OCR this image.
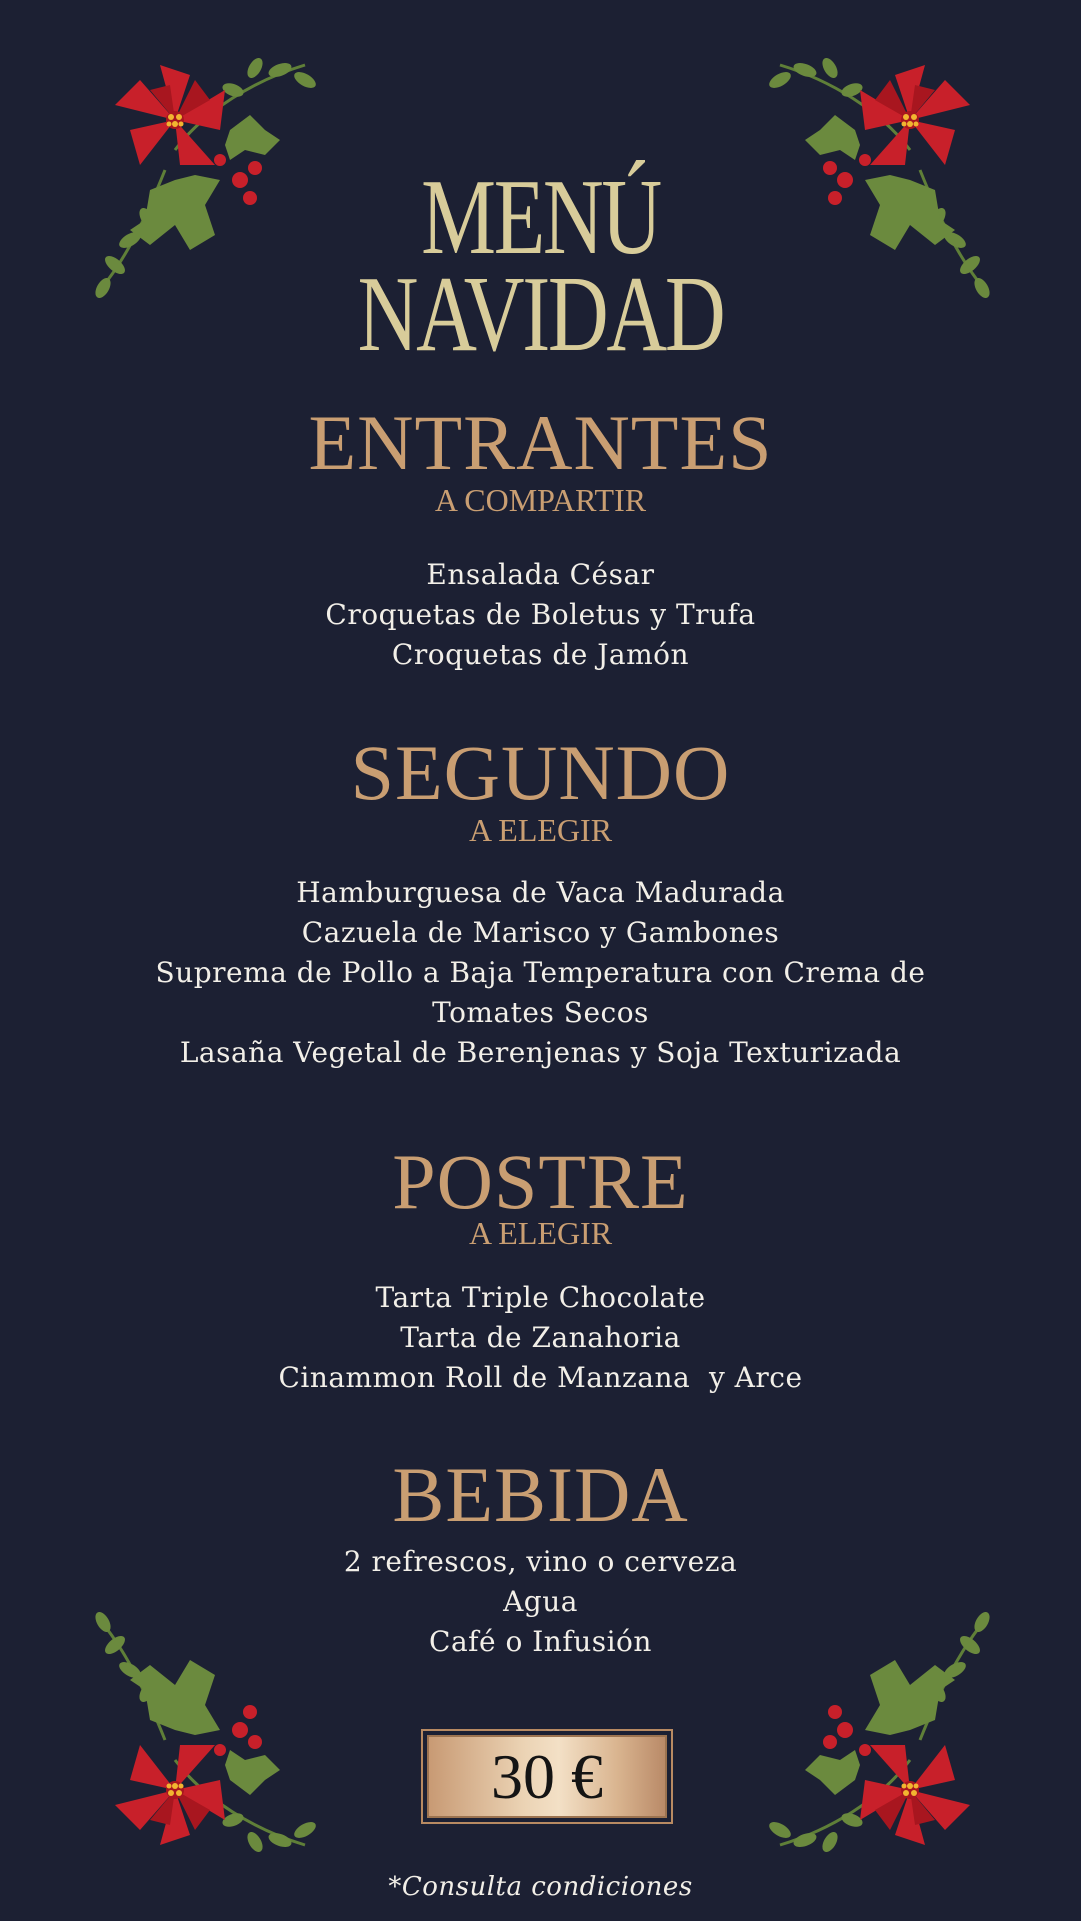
MENÚ
NAVIDAD
ENTRANTES
A COMPARTIR
Ensalada César
Croquetas de Boletus y Trufa
Croquetas de Jamón
SEGUNDO
A ELEGIR
Hamburguesa de Vaca Madurada
Cazuela de Marisco y Gambones
Suprema de Pollo a Baja Temperatura con Crema de
Tomates Secos
Lasaña Vegetal de Berenjenas y Soja Texturizada
POSTRE
A ELEGIR
Tarta Triple Chocolate
Tarta de Zanahoria
Cinammon Roll de Manzana  y Arce
BEBIDA
2 refrescos, vino o cerveza
Agua
Café o Infusión
30 €
*Consulta condiciones
